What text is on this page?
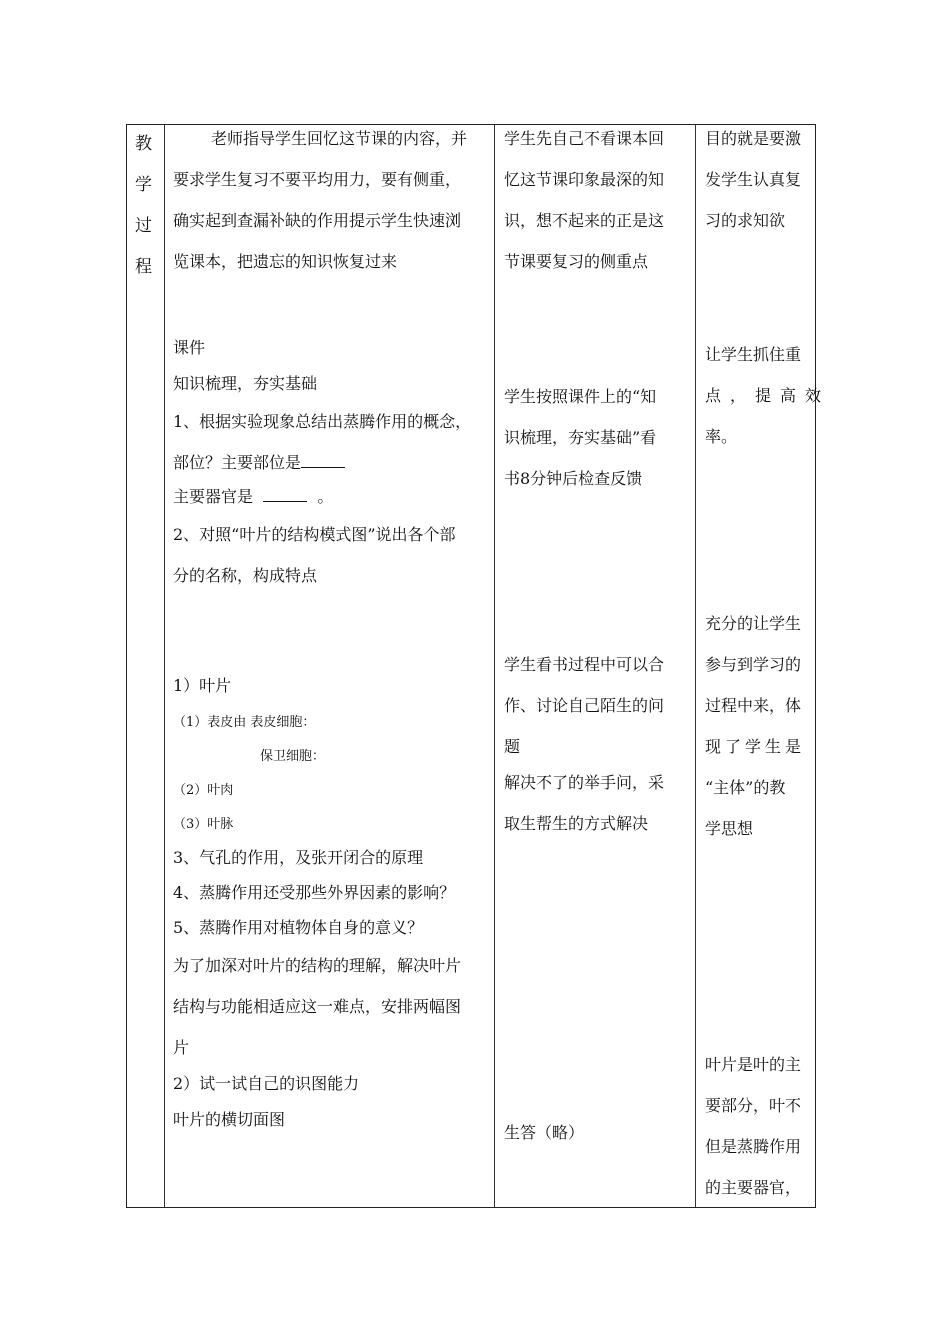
教
学
过
程
老师指导学生回忆这节课的内容，并
要求学生复习不要平均用力，要有侧重，
确实起到查漏补缺的作用提示学生快速浏
览课本，把遗忘的知识恢复过来
课件
知识梳理，夯实基础
1、根据实验现象总结出蒸腾作用的概念，
部位？主要部位是
主要器官是	。
2、对照“叶片的结构模式图”说出各个部
分的名称，构成特点
1）叶片
（1）表皮由 表皮细胞：
保卫细胞：
（2）叶肉
（3）叶脉
3、气孔的作用，及张开闭合的原理
4、蒸腾作用还受那些外界因素的影响？
5、蒸腾作用对植物体自身的意义？
为了加深对叶片的结构的理解，解决叶片
结构与功能相适应这一难点，安排两幅图
片
2）试一试自己的识图能力
叶片的横切面图
学生先自己不看课本回
忆这节课印象最深的知
识，想不起来的正是这
节课要复习的侧重点
学生按照课件上的“知
识梳理，夯实基础”看
书8分钟后检查反馈
学生看书过程中可以合
作、讨论自己陌生的问
题
解决不了的举手问，采
取生帮生的方式解决
生答（略）
目的就是要激
发学生认真复
习的求知欲
让学生抓住重
点，提高效
率。
充分的让学生
参与到学习的
过程中来，体
现了学生是
“主体”的教
学思想
叶片是叶的主
要部分，叶不
但是蒸腾作用
的主要器官，
